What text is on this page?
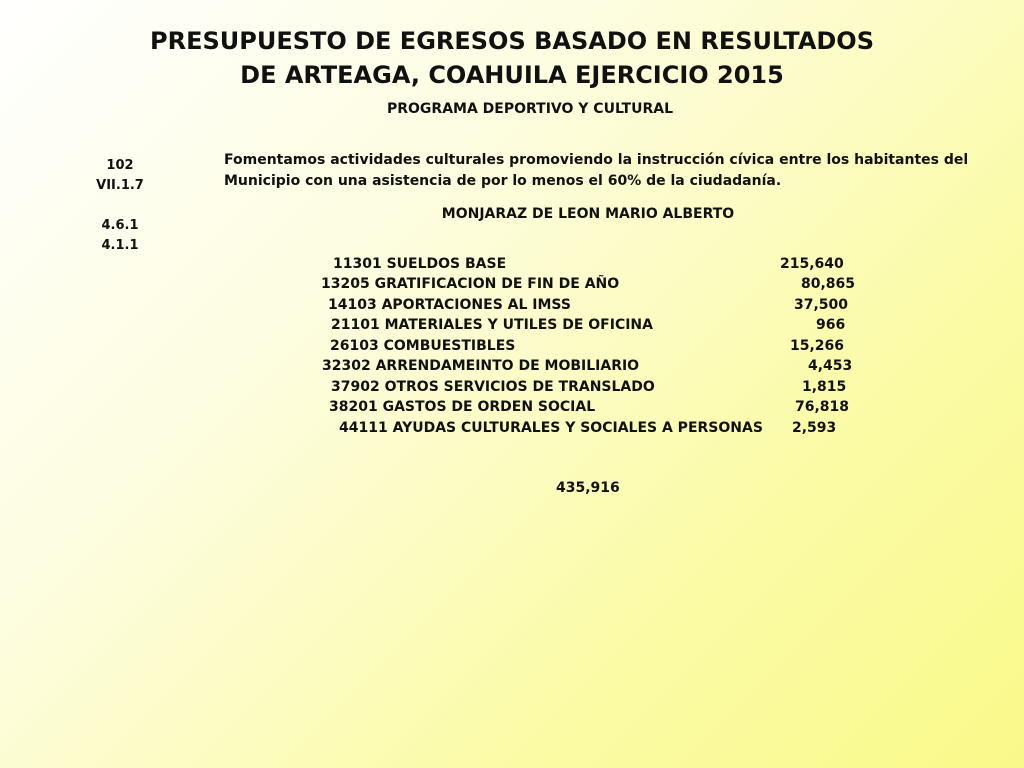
PRESUPUESTO DE EGRESOS BASADO EN RESULTADOS
DE ARTEAGA, COAHUILA EJERCICIO 2015
PROGRAMA DEPORTIVO Y CULTURAL
102
VII.1.7
4.6.1
4.1.1
Fomentamos actividades culturales promoviendo la instrucción cívica entre los habitantes del Municipio con una asistencia de por lo menos el 60% de la ciudadanía.
MONJARAZ DE LEON MARIO ALBERTO
11301 SUELDOS BASE	215,640
13205 GRATIFICACION DE FIN DE AÑO	80,865
14103 APORTACIONES AL IMSS	37,500
21101 MATERIALES Y UTILES DE OFICINA	966
26103 COMBUESTIBLES	15,266
32302 ARRENDAMEINTO DE MOBILIARIO	4,453
37902 OTROS SERVICIOS DE TRANSLADO	1,815
38201 GASTOS DE ORDEN SOCIAL	76,818
44111 AYUDAS CULTURALES Y SOCIALES A PERSONAS 2,593
435,916
